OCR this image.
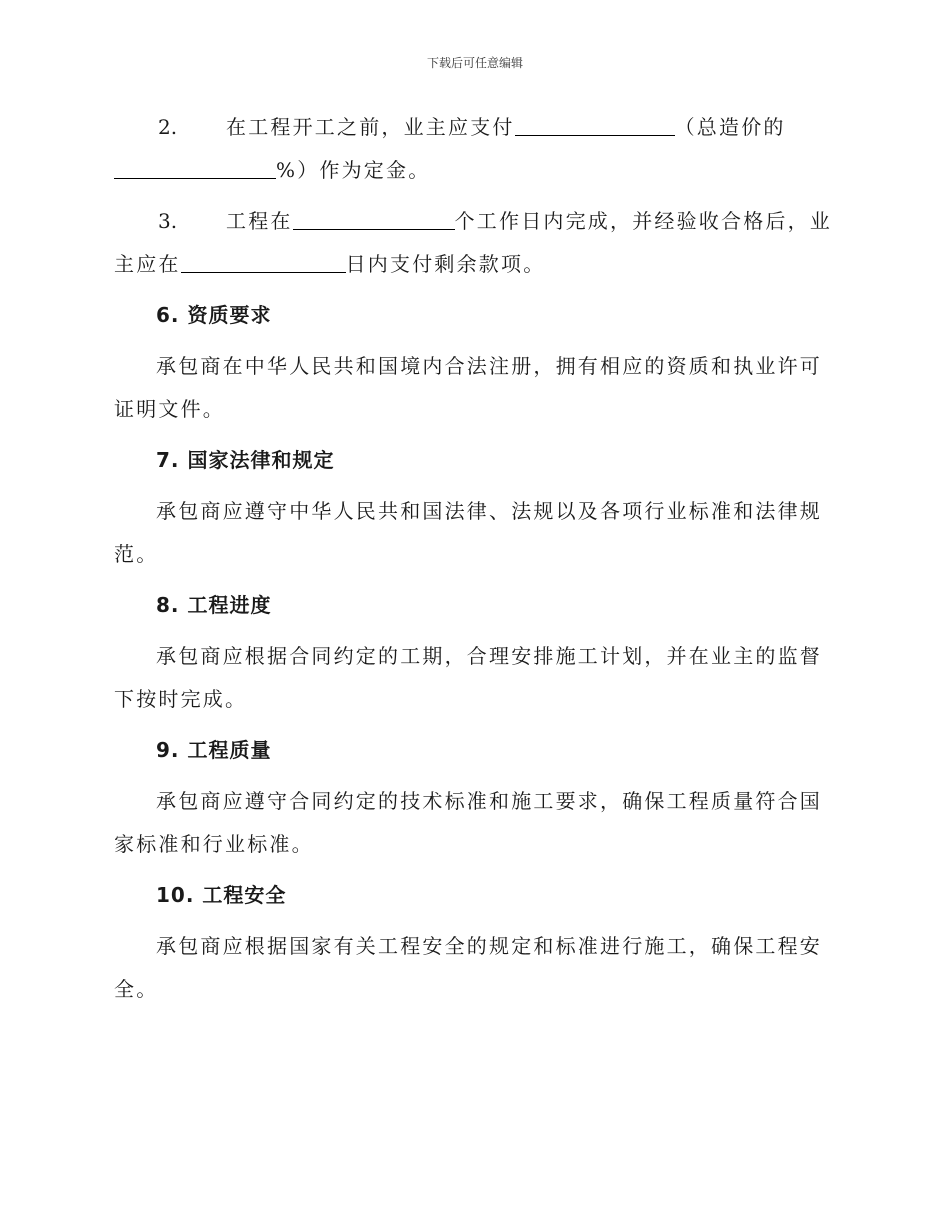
下载后可任意编辑

2. 在工程开工之前，业主应支付	（总造价的%）作为定金。

3. 工程在	个工作日内完成，并经验收合格后，业主应在	日内支付剩余款项。

6. 资质要求

承包商在中华人民共和国境内合法注册，拥有相应的资质和执业许可证明文件。

7. 国家法律和规定

承包商应遵守中华人民共和国法律、法规以及各项行业标准和法律规范。

8. 工程进度

承包商应根据合同约定的工期，合理安排施工计划，并在业主的监督下按时完成。

9. 工程质量

承包商应遵守合同约定的技术标准和施工要求，确保工程质量符合国家标准和行业标准。

10. 工程安全

承包商应根据国家有关工程安全的规定和标准进行施工，确保工程安全。
